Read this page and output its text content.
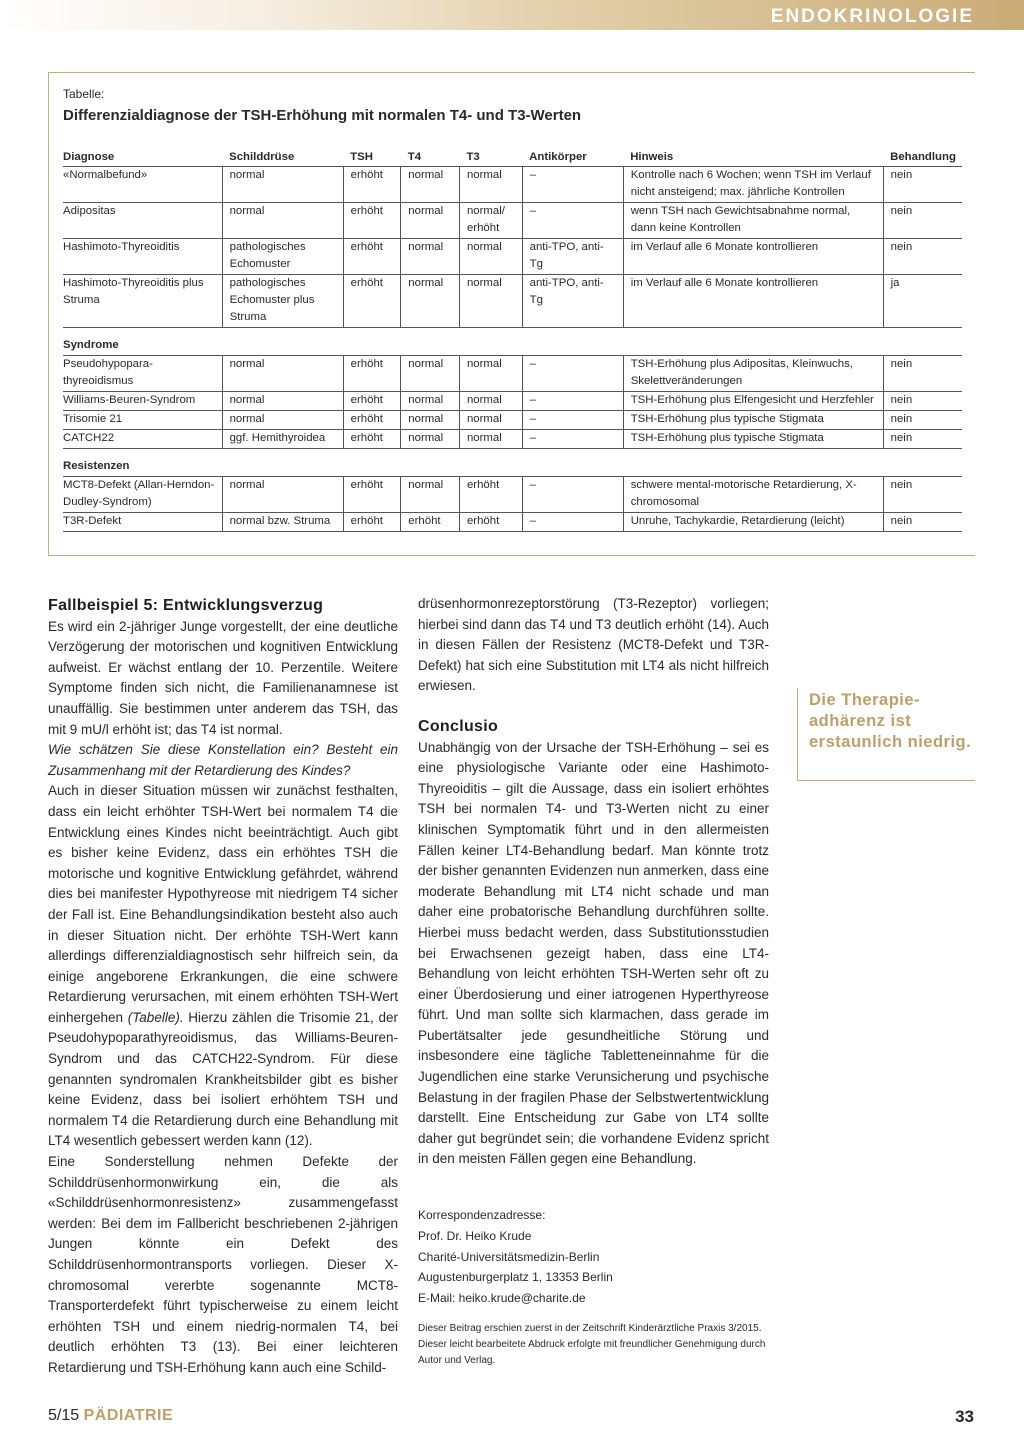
ENDOKRINOLOGIE
Tabelle:
Differenzialdiagnose der TSH-Erhöhung mit normalen T4- und T3-Werten
Diagnose	Schilddrüse	TSH	T4	T3	Antikörper	Hinweis	Behandlung
«Normalbefund»	normal	erhöht	normal	normal	–	Kontrolle nach 6 Wochen; wenn TSH im Verlauf nicht ansteigend; max. jährliche Kontrollen	nein
Adipositas	normal	erhöht	normal	normal/ erhöht	–	wenn TSH nach Gewichtsabnahme normal, dann keine Kontrollen	nein
Hashimoto-Thyreoiditis	pathologisches Echomuster	erhöht	normal	normal	anti-TPO, anti-Tg	im Verlauf alle 6 Monate kontrollieren	nein
Hashimoto-Thyreoiditis plus Struma	pathologisches Echomuster plus Struma	erhöht	normal	normal	anti-TPO, anti-Tg	im Verlauf alle 6 Monate kontrollieren	ja
Syndrome							
Pseudohypopara- thyreoidismus	normal	erhöht	normal	normal	–	TSH-Erhöhung plus Adipositas, Kleinwuchs, Skelettveränderungen	nein
Williams-Beuren-Syndrom	normal	erhöht	normal	normal	–	TSH-Erhöhung plus Elfengesicht und Herzfehler	nein
Trisomie 21	normal	erhöht	normal	normal	–	TSH-Erhöhung plus typische Stigmata	nein
CATCH22	ggf. Hemithyroidea	erhöht	normal	normal	–	TSH-Erhöhung plus typische Stigmata	nein
Resistenzen							
MCT8-Defekt (Allan-Herndon-Dudley-Syndrom)	normal	erhöht	normal	erhöht	–	schwere mental-motorische Retardierung, X-chromosomal	nein
T3R-Defekt	normal bzw. Struma	erhöht	erhöht	erhöht	–	Unruhe, Tachykardie, Retardierung (leicht)	nein
Fallbeispiel 5: Entwicklungsverzug

Es wird ein 2-jähriger Junge vorgestellt, der eine deutliche Verzögerung der motorischen und kognitiven Entwicklung aufweist. Er wächst entlang der 10. Perzentile. Weitere Symptome finden sich nicht, die Familienanamnese ist unauffällig. Sie bestimmen unter anderem das TSH, das mit 9 mU/l erhöht ist; das T4 ist normal.

Wie schätzen Sie diese Konstellation ein? Besteht ein Zusammenhang mit der Retardierung des Kindes?

Auch in dieser Situation müssen wir zunächst festhalten, dass ein leicht erhöhter TSH-Wert bei normalem T4 die Entwicklung eines Kindes nicht beeinträchtigt. Auch gibt es bisher keine Evidenz, dass ein erhöhtes TSH die motorische und kognitive Entwicklung gefährdet, während dies bei manifester Hypothyreose mit niedrigem T4 sicher der Fall ist. Eine Behandlungsindikation besteht also auch in dieser Situation nicht. Der erhöhte TSH-Wert kann allerdings differenzialdiagnostisch sehr hilfreich sein, da einige angeborene Erkrankungen, die eine schwere Retardierung verursachen, mit einem erhöhten TSH-Wert einhergehen (Tabelle). Hierzu zählen die Trisomie 21, der Pseudohypoparathyreoidismus, das Williams-Beuren-Syndrom und das CATCH22-Syndrom. Für diese genannten syndromalen Krankheitsbilder gibt es bisher keine Evidenz, dass bei isoliert erhöhtem TSH und normalem T4 die Retardierung durch eine Behandlung mit LT4 wesentlich gebessert werden kann (12).

Eine Sonderstellung nehmen Defekte der Schilddrüsenhormonwirkung ein, die als «Schilddrüsenhormonresistenz» zusammengefasst werden: Bei dem im Fallbericht beschriebenen 2-jährigen Jungen könnte ein Defekt des Schilddrüsenhormontransports vorliegen. Dieser X-chromosomal vererbte sogenannte MCT8-Transporterdefekt führt typischerweise zu einem leicht erhöhten TSH und einem niedrig-normalen T4, bei deutlich erhöhten T3 (13). Bei einer leichteren Retardierung und TSH-Erhöhung kann auch eine Schild-

drüsenhormonrezeptorstörung (T3-Rezeptor) vorliegen; hierbei sind dann das T4 und T3 deutlich erhöht (14). Auch in diesen Fällen der Resistenz (MCT8-Defekt und T3R-Defekt) hat sich eine Substitution mit LT4 als nicht hilfreich erwiesen.

Conclusio

Unabhängig von der Ursache der TSH-Erhöhung – sei es eine physiologische Variante oder eine Hashimoto-Thyreoiditis – gilt die Aussage, dass ein isoliert erhöhtes TSH bei normalen T4- und T3-Werten nicht zu einer klinischen Symptomatik führt und in den allermeisten Fällen keiner LT4-Behandlung bedarf. Man könnte trotz der bisher genannten Evidenzen nun anmerken, dass eine moderate Behandlung mit LT4 nicht schade und man daher eine probatorische Behandlung durchführen sollte. Hierbei muss bedacht werden, dass Substitutionsstudien bei Erwachsenen gezeigt haben, dass eine LT4-Behandlung von leicht erhöhten TSH-Werten sehr oft zu einer Überdosierung und einer iatrogenen Hyperthyreose führt. Und man sollte sich klarmachen, dass gerade im Pubertätsalter jede gesundheitliche Störung und insbesondere eine tägliche Tabletteneinnahme für die Jugendlichen eine starke Verunsicherung und psychische Belastung in der fragilen Phase der Selbstwertentwicklung darstellt. Eine Entscheidung zur Gabe von LT4 sollte daher gut begründet sein; die vorhandene Evidenz spricht in den meisten Fällen gegen eine Behandlung.

Korrespondenzadresse:
Prof. Dr. Heiko Krude
Charité-Universitätsmedizin-Berlin
Augustenburgerplatz 1, 13353 Berlin
E-Mail: heiko.krude@charite.de
Dieser Beitrag erschien zuerst in der Zeitschrift Kinderärztliche Praxis 3/2015. Dieser leicht bearbeitete Abdruck erfolgte mit freundlicher Genehmigung durch Autor und Verlag.
Die Therapie-adhärenz ist erstaunlich niedrig.
5/15 PÄDIATRIE	33
